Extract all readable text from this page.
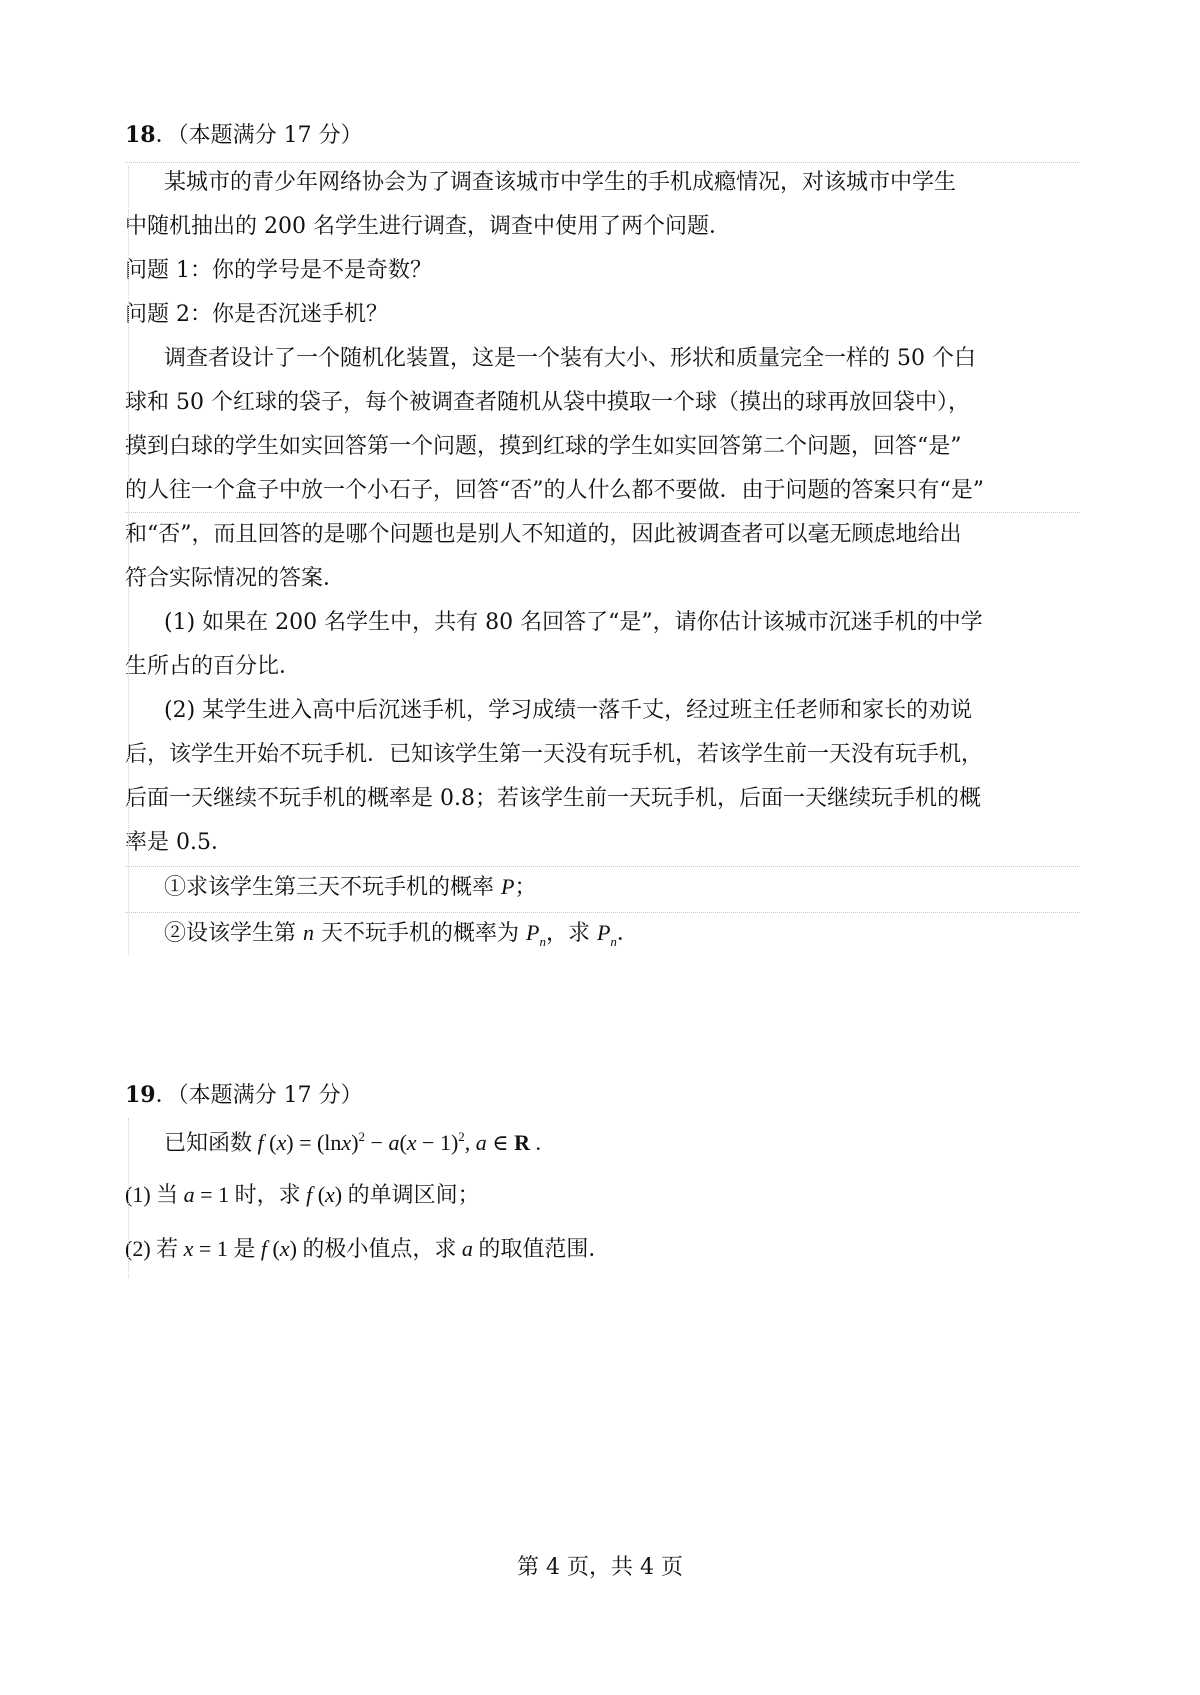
18．（本题满分 17 分）
某城市的青少年网络协会为了调查该城市中学生的手机成瘾情况，对该城市中学生
中随机抽出的 200 名学生进行调查，调查中使用了两个问题．
问题 1：你的学号是不是奇数？
问题 2：你是否沉迷手机？
调查者设计了一个随机化装置，这是一个装有大小、形状和质量完全一样的 50 个白
球和 50 个红球的袋子，每个被调查者随机从袋中摸取一个球（摸出的球再放回袋中），
摸到白球的学生如实回答第一个问题，摸到红球的学生如实回答第二个问题，回答“是”
的人往一个盒子中放一个小石子，回答“否”的人什么都不要做．由于问题的答案只有“是”
和“否”，而且回答的是哪个问题也是别人不知道的，因此被调查者可以毫无顾虑地给出
符合实际情况的答案．
(1) 如果在 200 名学生中，共有 80 名回答了“是”，请你估计该城市沉迷手机的中学
生所占的百分比．
(2) 某学生进入高中后沉迷手机，学习成绩一落千丈，经过班主任老师和家长的劝说
后，该学生开始不玩手机．已知该学生第一天没有玩手机，若该学生前一天没有玩手机，
后面一天继续不玩手机的概率是 0.8；若该学生前一天玩手机，后面一天继续玩手机的概
率是 0.5．
①求该学生第三天不玩手机的概率 P；
②设该学生第 n 天不玩手机的概率为 $P_n$，求 $P_n$．
19．（本题满分 17 分）
已知函数 f $(x) = (\ln x)^2 - a(x - 1)^2$, a ∈ R .
(1) 当 a = 1 时，求 f (x) 的单调区间；
(2) 若 x = 1 是 f (x) 的极小值点，求 a 的取值范围．
第 4 页，共 4 页
